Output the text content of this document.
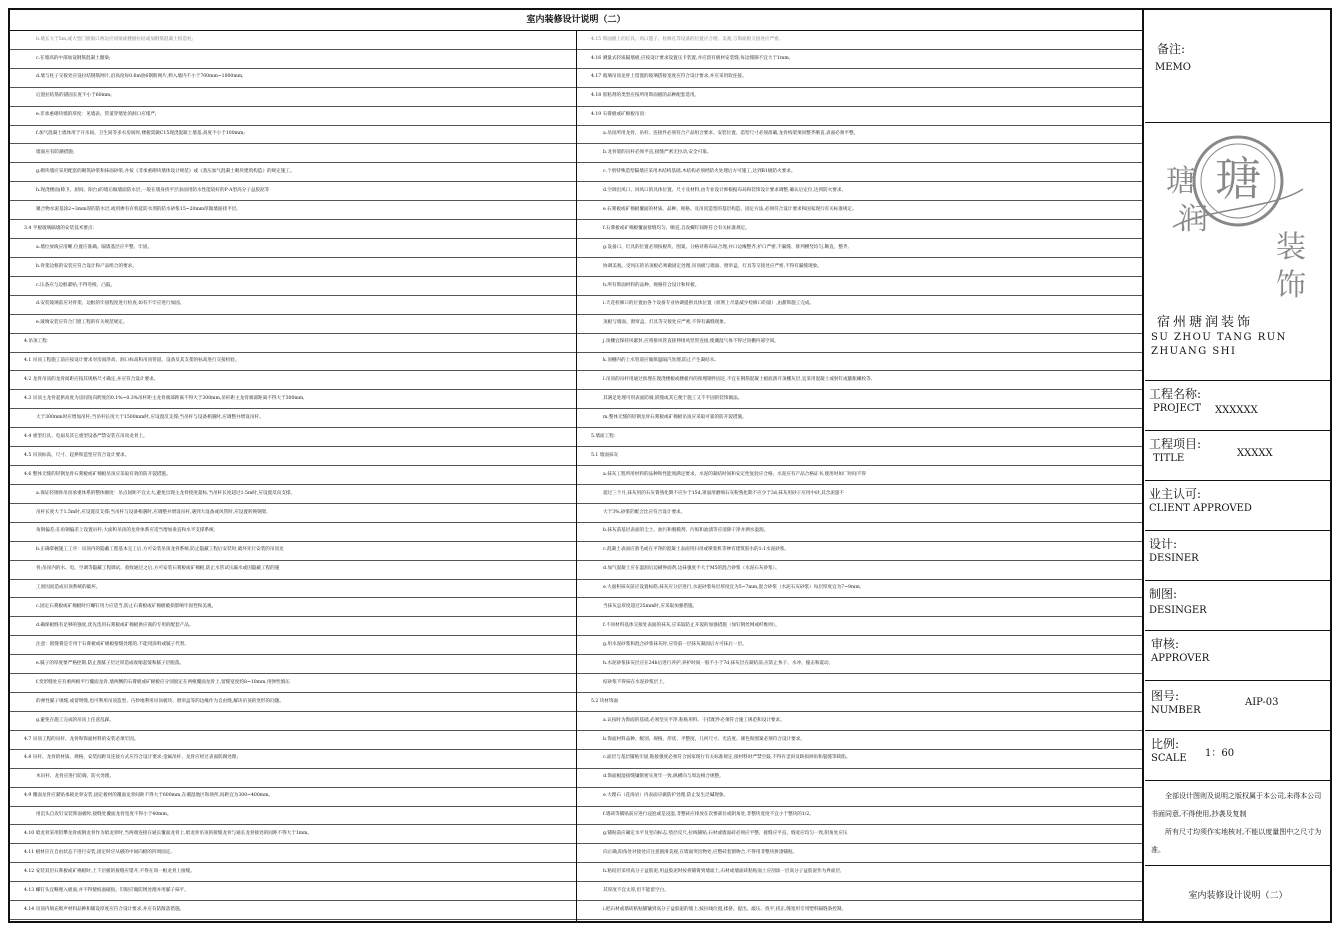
室内装修设计说明（二）
b.墙长大于5m,或大型门窗洞口两边应同梁或楼板拉结或加钢筋混凝土构造柱;
c.在墙高的中部加设钢筋混凝土圈梁;
d.墙与柱子交接处应设拉结钢筋网片,沿高度每0.6m放6钢筋网片,伸入墙内不小于700mm~1000mm,
后置拉结筋的锚固长度不小于60mm;
e.非承重砌块墙的厚度：见墙表。管道穿墙处的洞口应堵严;
f.加气混凝土墙体用于开水间、卫生间等多水房间时,楼板需做C15现浇混凝土墙基,高度不小于100mm;
墙面应有防潮措施;
g.砌块墙应采用配套的砌筑砂浆和抹面砂浆,并按《非承重砌块墙体设计规范》或《蒸压加气混凝土砌块建筑构造》的规定施工。
h.现浇楼面(除卫、厨间、阳台)的墙后做墙面防水层,一般在墙身找平层表面用防水性能较好的P·A型高分子益胶泥等
聚合物水泥基涂2~3mm厚的防水层,或用掺有有机硅防水剂的防水砂浆15~20mm厚做墙面找平层。
3.4 平板玻璃隔墙的安装技术要点：
a.墙位放线应清晰,位置应准确。隔墙基层应平整、牢固。
b.骨架边框的安装应符合设计和产品组合的要求。
c.压条应与边框紧贴,不得弯棱、凸鼓。
d.安装玻璃前应对骨架、边框的牢固程度进行检查,如有不牢应进行加固。
e.玻璃安装应符合门窗工程的有关规范规定。
4.吊顶工程：
4.1 吊顶工程施工前应按设计要求对房间净高、洞口标高和吊顶管道、设备及其支架的标高进行交接检验。
4.2 龙骨吊顶的龙骨间距应按其规格尺寸确定,并应符合设计要求。
4.3 吊顶主龙骨起拱高度为房间短向跨度的0.1%~0.3%吊杆距主龙骨端部距离不得大于300mm,吊杆距主龙骨端部距离不得大于300mm,
大于300mm时应增加吊杆;当吊杆长度大于1500mm时,应设置反支撑;当吊杆与设备相遇时,应调整并增设吊杆。
4.4 重型灯具、电扇及其它重型设备严禁安装在吊顶龙骨上。
4.5 吊顶标高、尺寸、起拱和造型应符合设计要求。
4.6 整体无缝的轻钢龙骨石膏板或矿棉板吊顶应采取有效的防开裂措施。
a.保证轻钢骨吊顶承重体系的整体刚度：吊点间距不宜太大,避免出现主龙骨挠度超标,当吊杆长度超过1.5m时,应设置反向支撑。
吊杆长度大于1.5m时,应设置反支撑;当吊杆与设备相遇时,应调整并增设吊杆,遇到大设备或风管时,应设置转换钢架,
角钢偏差;在角钢偏差上设置吊杆;大面积吊顶的龙骨体系应适当增加垂直和水平支撑系统,
b.正确掌握施工工序：吊顶内的隐蔽工程基本完工后,方可安装吊顶龙骨系统,防止隐蔽工程后安装时,破坏先行安装的吊顶龙
骨;吊顶内的水、电、空调等隐蔽工程调试、验收通过之后,方可安装石膏板或矿棉板,防止水管试压漏水或因隐蔽工程的施
工原因而造成吊顶系统的破坏。
c.固定石膏板或矿棉板时拧螺钉用力应适当,防止石膏板或矿棉板破损影响牢固性和美观。
d.确保板缝有足够的强度,优先选用石膏板或矿棉板供应商的专用的配套产品。
注意：嵌缝膏是专用于石膏板或矿棉板接缝处理的,不能用涂料或腻子代替。
e.腻子的厚度要严格控制,防止刮腻子层过厚造成收缩起皱和腻子层脱落。
f.变形缝处应有重两根平行覆面龙骨,墙两侧的石膏板或矿棉板应分别固定在两根覆面龙骨上,留缝宽度约8~10mm,用弹性填压
的弹性腻子填缝,或留明缝,也可利用吊顶造型、巧妙地利用吊顶板块、窗帘盒等的边缘作为自由缝,解决吊顶的变形的问题。
g.避免在施工完成的吊顶上任意乱踩。
4.7 吊顶工程的吊杆、龙骨和饰面材料的安装必须牢固。
4.8 吊杆、龙骨的材质、规格、安装间距及连接方式应符合设计要求;金属吊杆、龙骨应经过表面防腐处理;
木吊杆、龙骨应进行防腐、防火处理。
4.9 覆面龙骨应紧贴承载龙骨安装,固定板材的覆面龙骨间距不得大于600mm,在潮湿地区和场所,间距宜为300~400mm。
用沉头自攻钉安装饰面板时,接缝处覆面龙骨宽度不得小于40mm。
4.10 暗龙骨采用铝攀龙骨或钢龙骨作为暗龙骨时,当两端连接在通长覆面龙骨上,暗龙骨吊顶的接缝龙骨与通长龙骨接处的间距不得大于1mm。
4.11 板材应在自由状态下进行安装,固定时应从板的中间向板的四周固定。
4.12 安装双层石膏板或矿棉板时,上下层板的接缝应错开,不得在同一根龙骨上接缝。
4.13 螺钉头宜略埋入板面,并不得使纸面破损。钉眼应做防锈处理并用腻子抹平。
4.14 吊顶内填充吸声材料品种和铺设厚度应符合设计要求,并应有防散落措施。
4.15 饰面板上的灯具、风口篦子、检修孔等设备的位置应合理、美观,与饰面板交接处应严密。
4.16 测量式轻质隔墙板,应按设计要求设置压卡装置,并应留有板材安装缝,每边缝隙不宜大于1mm。
4.17 玻璃吊顶龙骨上留置的玻璃搭接宽度应符合设计要求,并应采用软连接。
4.18 胶粘剂的类型应按所用饰面板的品种配套选用。
4.19 石膏板或矿棉板吊顶：
a.吊顶所用龙骨、吊杆、连接件必须符合产品组合要求。安装位置、造型尺寸必须准确,龙骨构架须同整齐顺直,表面必须平整。
b.龙骨架的吊杆必须平直,接缝严密无拉动,安全可靠。
c.个别特殊造型隔墙应采用木结构基础,木结构必须经防火处理后方可施工,达到B1级防火要求。
d.空调出风口、回风口的具体位置、尺寸及材料,由专业设计师根据布局和装饰设计要求调整,确认后定位,达到防火要求。
e.石膏板或矿棉板覆面的材质、品种、规格、及吊顶造型的基层构造、固定方法,必须符合设计要求和国家现行有关标准规定。
f.石膏板或矿棉板覆面接缝均匀、顺直,自攻螺钉间距符合有关标准规定。
g.设备口、灯具的位置必须按板块、图案、分格对称布局合理,并口边缘整齐,护口严密,不漏缝、排列横竖均匀,顺直、整齐,
协调美观。受风压的吊顶板必须做固定处理,吊顶板与墙面、窗帘盒、灯具等交接处应严密,不得有漏缝现象。
h.所有饰面材料的品种、规格符合设计和样板。
i.天花检修口的位置由各个设备专业协调提供具体位置（原则上尽量减少检修口的量）,由甜饰施工完成。
顶板与墙面、窗帘盒、灯具等交接处应严密,不得有漏缝现象。
j.顶棚宜保持风紧封,应将排风管直接伸排风竖管连接,使潮湿气体不得过顶棚内部空间。
k.顶棚内的上水管道应做保温隔汽处理,防止产生凝结水。
l.吊顶的吊杆用通过预埋在现浇楼板或楼板内的预埋钢件固定,不宜在钢筋混凝土板底凿开顶棚灰层,宜采用混凝土或射钉或膨胀螺栓等,
其满足处理可用表面防腐,嵌缝或其它便于施工又不平固的装饰做法。
m.整体无缝的轻钢龙骨石膏板或矿棉板吊顶应采取可靠的防开裂措施。
5.墙面工程：
5.1 墙面抹灰
a.抹灰工程所用材料的品种和性能须满足要求。水泥的凝结时间和安定性复验应合格。水泥应有产品合格证书,使用时如厂时间不得
超过三个月,抹灰用的石灰膏熟化期不应少于15d,罩面用磨细石灰粉熟化期不应少于3d,抹灰用砂子应用中砂,其含泥量不
大于3%,砂浆的配合比应符合设计要求。
b.抹灰前基层表面的尘土、油污和脱模剂、污垢和油渍等应清除干净并洒水湿润。
c.混凝土表面应凿毛或在平净的混凝土表面用扫帚或喷浆机等掺有建筑胶水的1:1水泥砂浆。
d.加气混凝土应在湿润后边刷界面剂,边抹强度不大于M5的混合砂浆（水泥石灰砂浆）。
e.大面积抹灰前应设置标筋,抹灰应分层进行,水泥砂浆每层厚度宜为5~7mm,混合砂浆（水泥石灰砂浆）每层厚度宜为7~9mm,
当抹灰总厚度超过35mm时,应采取加强措施。
f.不同材料基体交接处表面的抹灰,应采取防止开裂的加强措施（加钉钢丝网或纤维网）。
g.用水泥砂浆和混合砂浆抹灰时,应待前一层抹灰凝固后方可抹后一层。
h.水泥砂浆抹灰层应在24h后进行养护,养护时间一般不小于7d,抹灰层在凝结前,应防止快干、水冲、撞击和震动。
结砂浆不得抹在水泥砂浆层上。
5.2 块材饰面
a.认按时为饰面的基础,必须坚实平净,粘贴用料、干挂配件必须符合施工规范和设计要求。
b.饰面材料品种、级别、规格、形状、平整度、几何尺寸、光洁度、颜色和图案必须符合设计要求。
c.面层与基层铺贴牢固,粘接强度必须符合国家现行有关标准规定,接材料时严禁空鼓,不得有歪斜及缺损掉角和裂缝等缺陷。
d.饰面板湿接缝镶嵌密实度牢一致,纵横向与周边相合规整。
e.大理石（花岗岩）内表面应做防护处理,防止发生泛碱现象。
f.墙砖等铺贴前应进行浸泡或是浸湿,非整砖应排放在次要部位或阴角处,非整块宽度不宜小于整块的1/2。
g.铺贴前应确定水平及竖向标志,垫层反尺,拉线铺贴,石材或墙面砖必须应平整、接缝应平直、缝宽应均匀一致,阴角处应压
向正确,阳角处对接处应注意圆滑美观,在墙面突出物处,应整砖套割吻合,不得用非整块拼凑铺贴。
h.粘结层采用高分子益胶泥,用益胶泥时按将铺膏到墙面上,石材或墙面砖粘贴面上应刮涂一层高分子益胶泥作为界面层,
其厚度不宜太厚,但不能留空白。
i.把石材或墙砖粘贴铺镶到高分子益胶泥的墙上,按拉线位置,揉挤、提出、敲压、找平,找正,缝宽用专用塑料隔缝条控制。
备注:
MEMO
瑭
瑭
润
装
饰
宿州瑭润装饰
SU ZHOU TANG RUN ZHUANG SHI
工程名称:
PROJECT XXXXXX
工程项目:
TITLE	XXXXX
业主认可:
CLIENT APPROVED
设计:
DESINER
制图:
DESINGER
审核:
APPROVER
图号:
NUMBER
AIP-03
比例:
SCALE 1：60
全部设计图则及说明之版权属于本公司,未得本公司书面同意,不得使用,抄袭及复制
所有尺寸均须作实地核对,不能以度量图中之尺寸为准。
室内装修设计说明（二）
